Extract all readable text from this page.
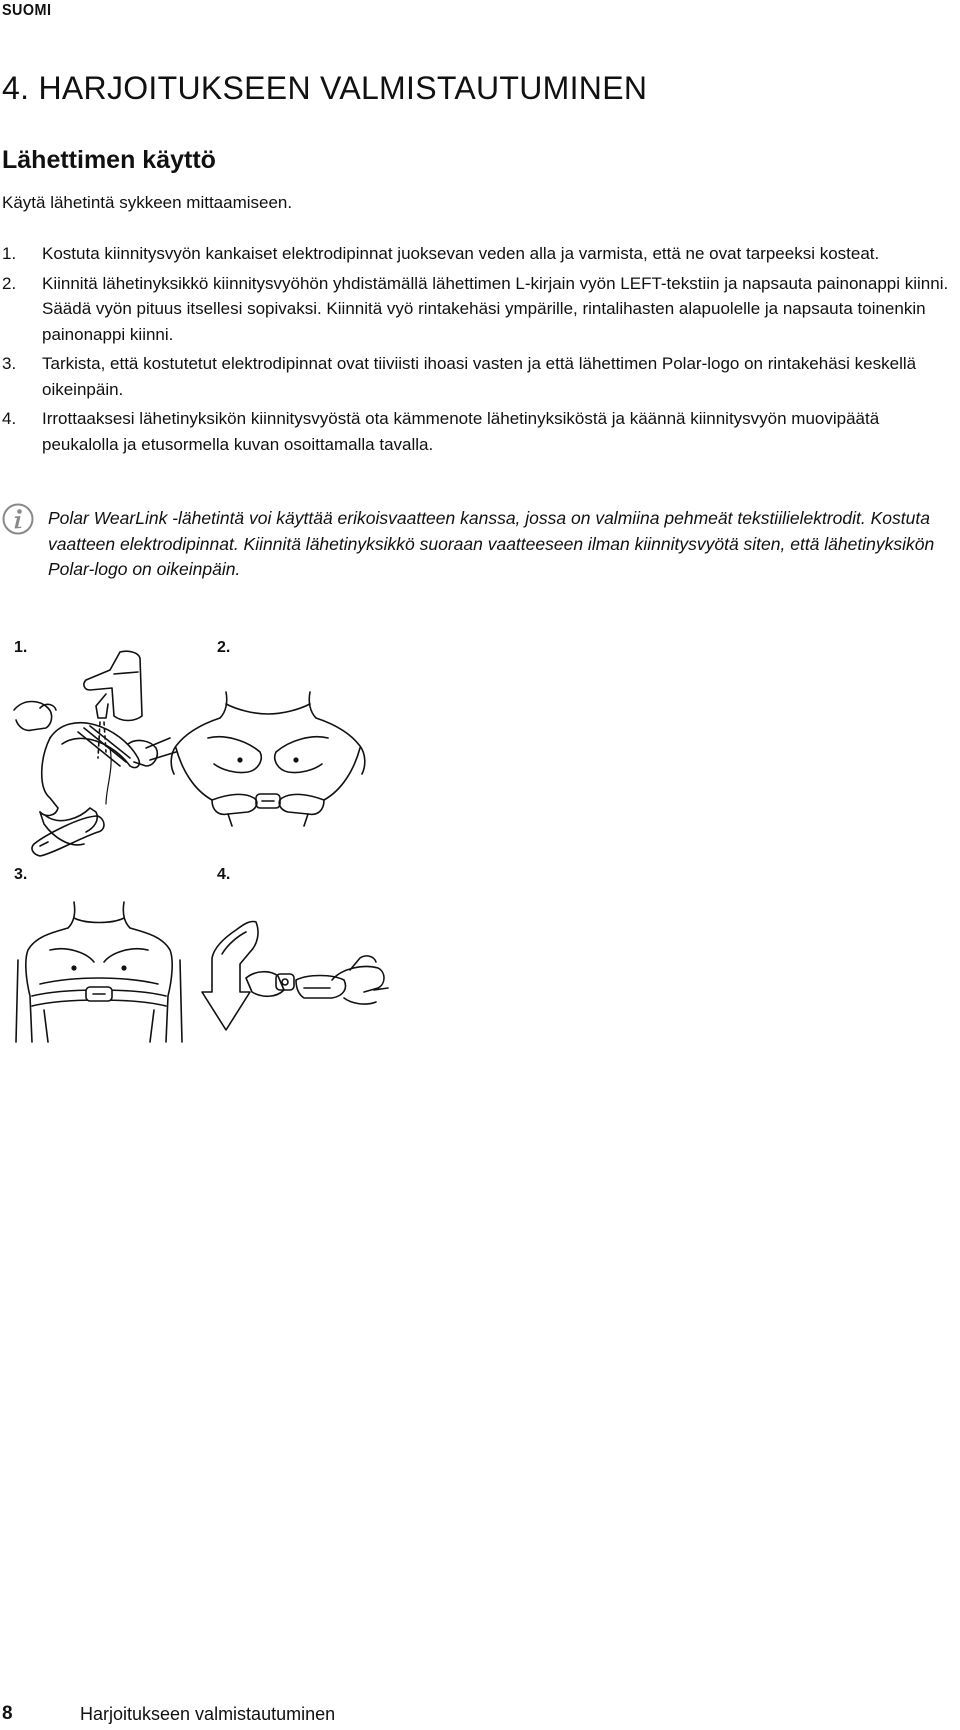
SUOMI
4. HARJOITUKSEEN VALMISTAUTUMINEN
Lähettimen käyttö

Käytä lähetintä sykkeen mittaamiseen.

1. Kostuta kiinnitysvyön kankaiset elektrodipinnat juoksevan veden alla ja varmista, että ne ovat tarpeeksi kosteat.
2. Kiinnitä lähetinyksikkö kiinnitysvyöhön yhdistämällä lähettimen L-kirjain vyön LEFT-tekstiin ja napsauta painonappi kiinni. Säädä vyön pituus itsellesi sopivaksi. Kiinnitä vyö rintakehäsi ympärille, rintalihasten alapuolelle ja napsauta toinenkin painonappi kiinni.
3. Tarkista, että kostutetut elektrodipinnat ovat tiiviisti ihoasi vasten ja että lähettimen Polar-logo on rintakehäsi keskellä oikeinpäin.
4. Irrottaaksesi lähetinyksikön kiinnitysvyöstä ota kämmenote lähetinyksiköstä ja käännä kiinnitysvyön muovipäätä peukalolla ja etusormella kuvan osoittamalla tavalla.

Polar WearLink -lähetintä voi käyttää erikoisvaatteen kanssa, jossa on valmiina pehmeät tekstiilielektrodit. Kostuta vaatteen elektrodipinnat. Kiinnitä lähetinyksikkö suoraan vaatteeseen ilman kiinnitysvyötä siten, että lähetinyksikön Polar-logo on oikeinpäin.

1.	2.
3.	4.
8	Harjoitukseen valmistautuminen
